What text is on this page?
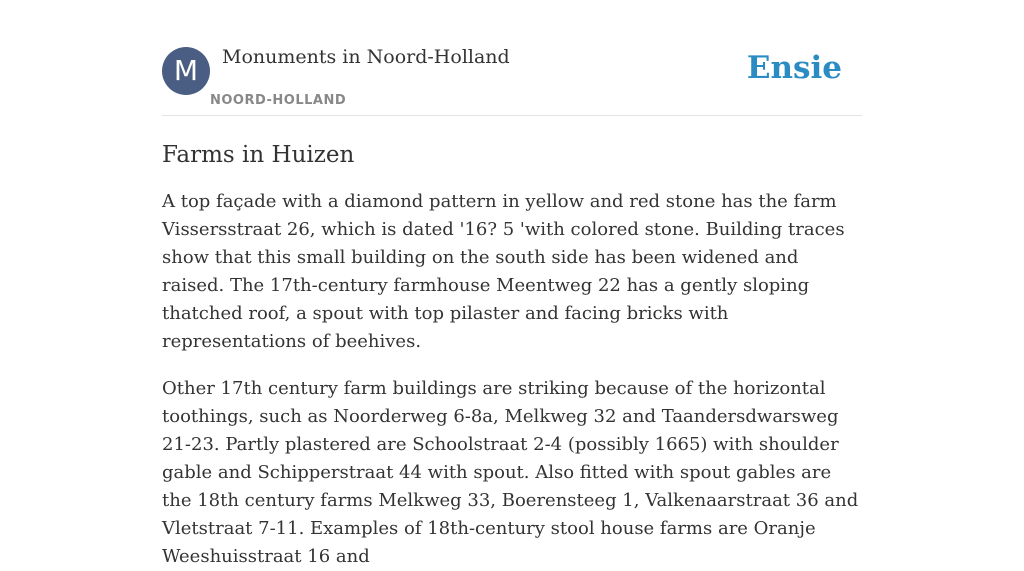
M	Monuments in Noord-Holland
NOORD-HOLLAND
Ensie
Farms in Huizen

A top façade with a diamond pattern in yellow and red stone has the farm Vissersstraat 26, which is dated '16? 5 'with colored stone. Building traces show that this small building on the south side has been widened and raised. The 17th-century farmhouse Meentweg 22 has a gently sloping thatched roof, a spout with top pilaster and facing bricks with representations of beehives.

Other 17th century farm buildings are striking because of the horizontal toothings, such as Noorderweg 6-8a, Melkweg 32 and Taandersdwarsweg 21-23. Partly plastered are Schoolstraat 2-4 (possibly 1665) with shoulder gable and Schipperstraat 44 with spout. Also fitted with spout gables are the 18th century farms Melkweg 33, Boerensteeg 1, Valkenaarstraat 36 and Vletstraat 7-11. Examples of 18th-century stool house farms are Oranje Weeshuisstraat 16 and
